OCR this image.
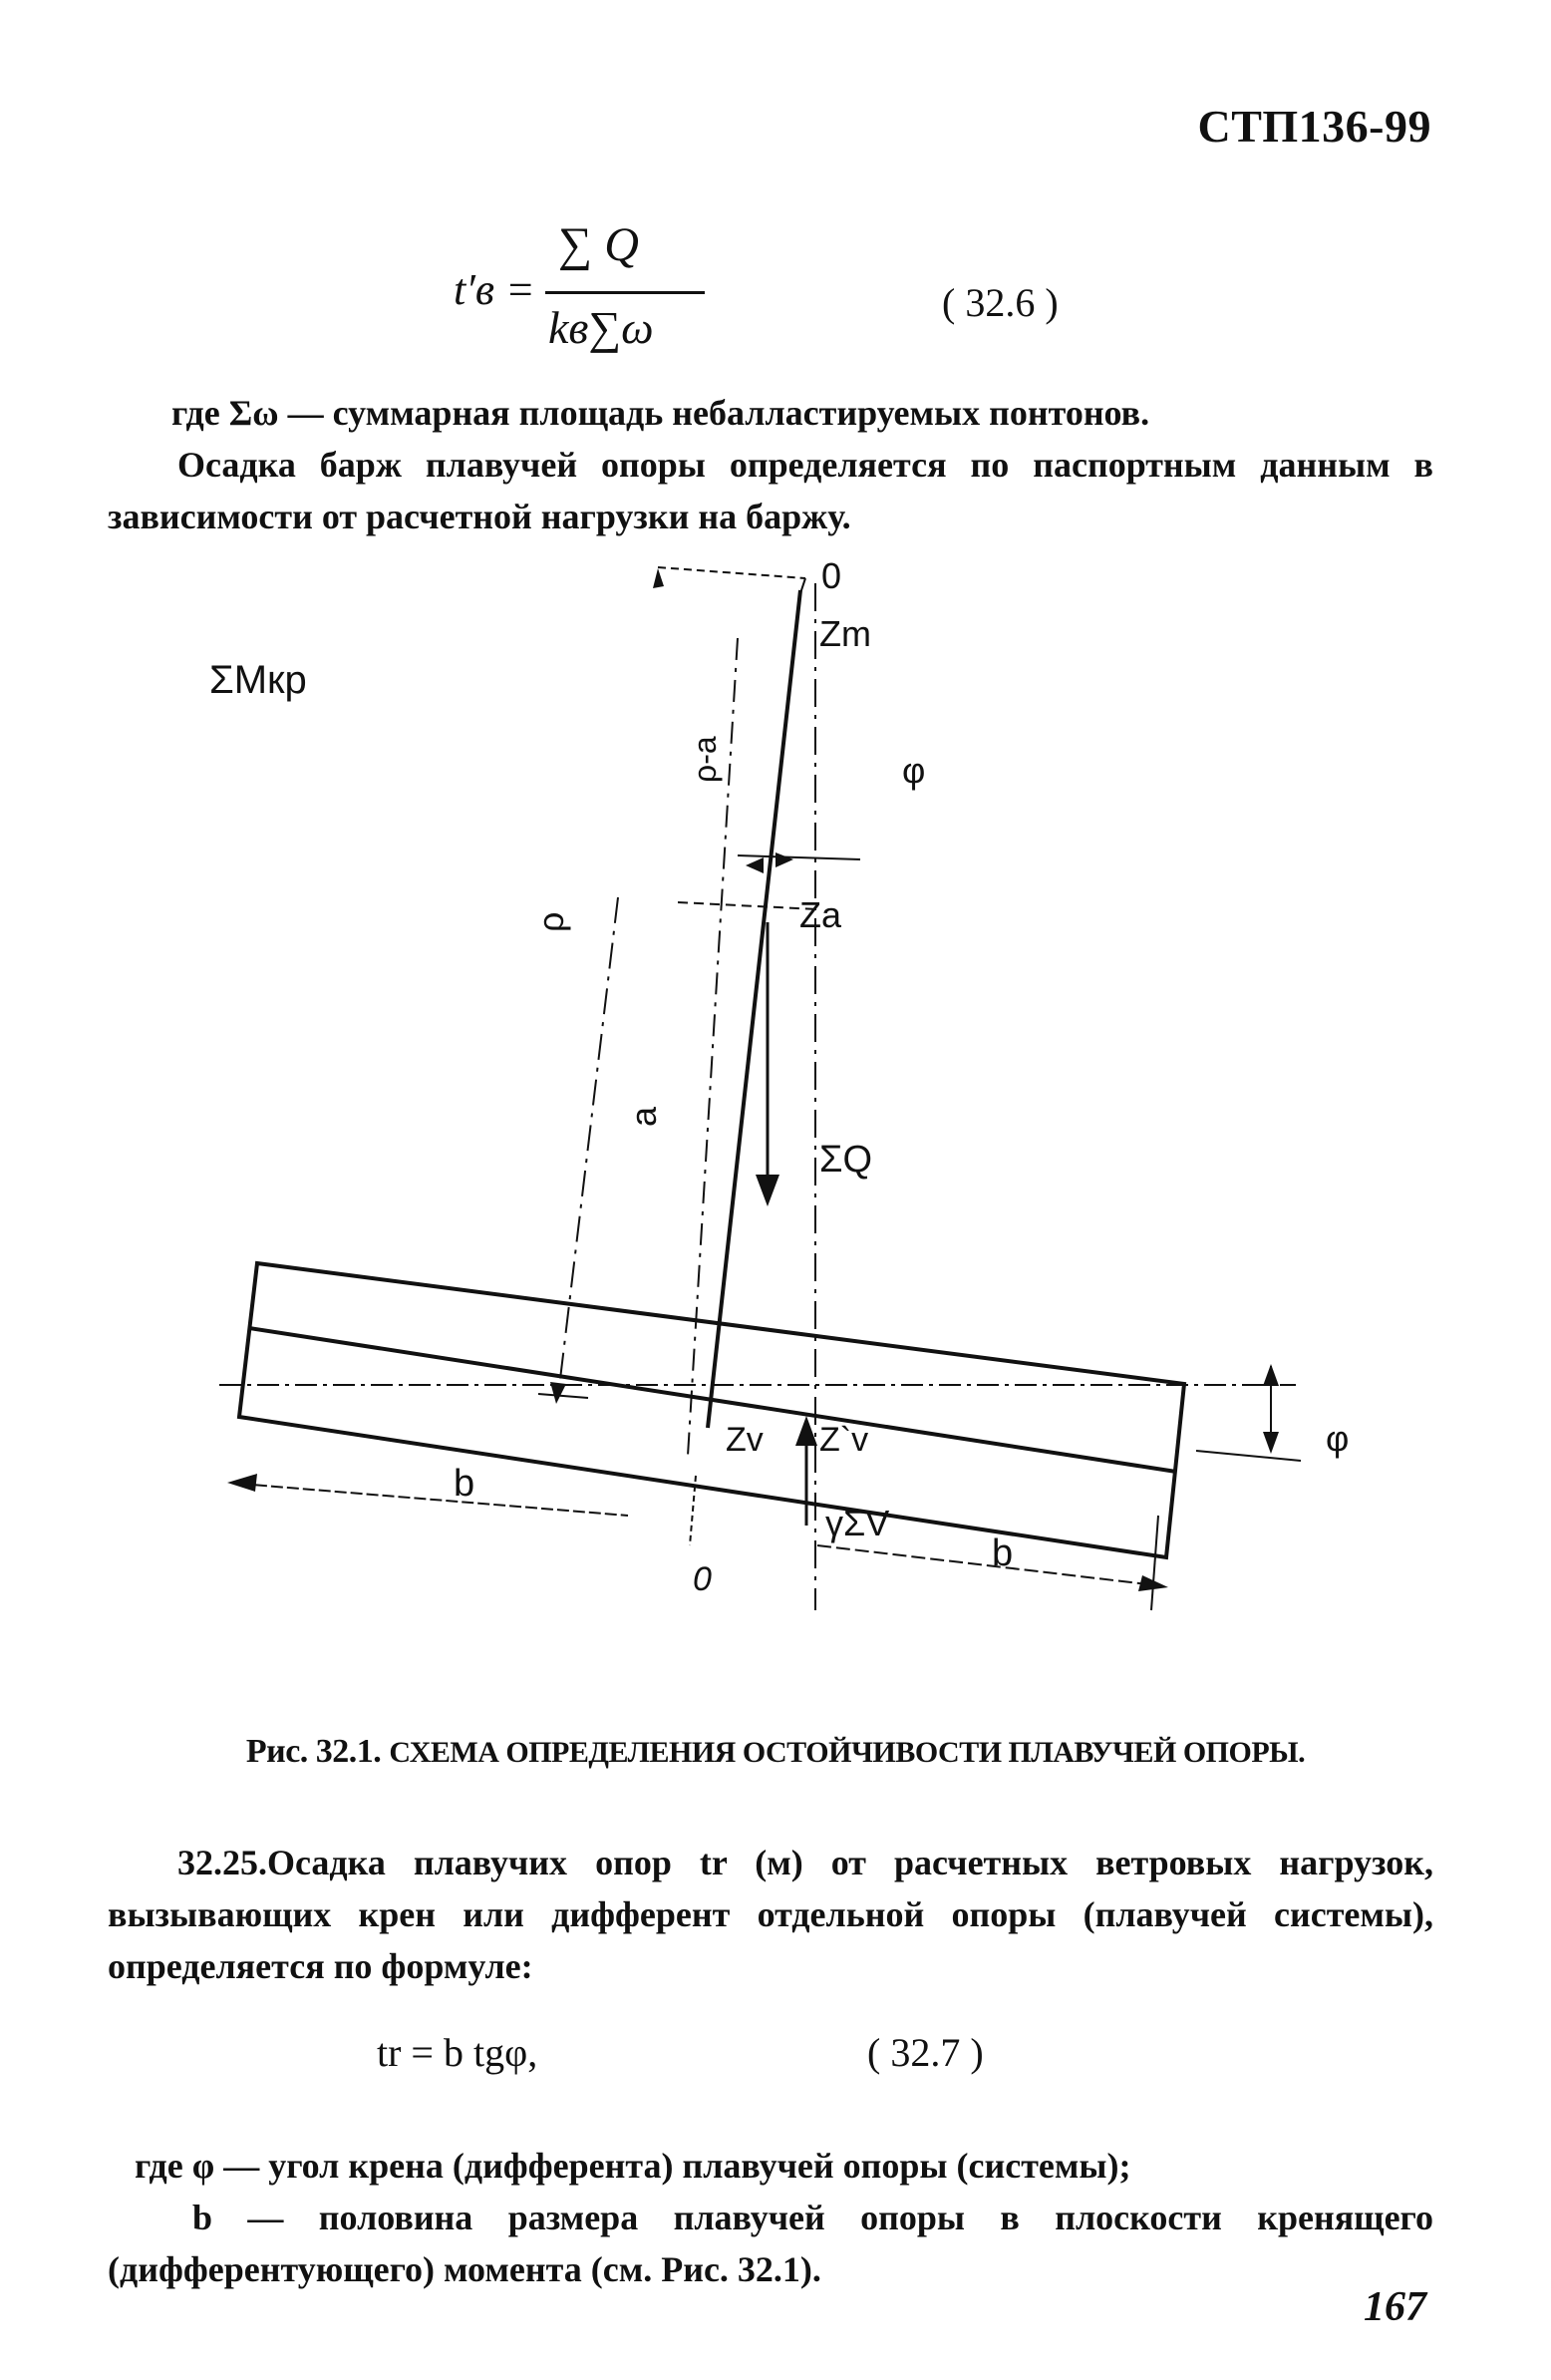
СТП136-99
t′в =
∑ Q
kв∑ω	( 32.6 )
где Σω — суммарная площадь небалластируемых понтонов.
Осадка барж плавучей опоры определяется по паспортным данным в зависимости от расчетной нагрузки на баржу.
ΣMкр
0
Zm
φ
ρ-a
ρ	Za
a
ΣQ
Zv Z`v	φ
b
γΣV
b
0
Рис. 32.1. СХЕМА ОПРЕДЕЛЕНИЯ ОСТОЙЧИВОСТИ ПЛАВУЧЕЙ ОПОРЫ.
32.25.Осадка плавучих опор tr (м) от расчетных ветровых нагрузок, вызывающих крен или дифферент отдельной опоры (плавучей системы), определяется по формуле:
tr = b tgφ,	( 32.7 )
где φ — угол крена (дифферента) плавучей опоры (системы);
b — половина размера плавучей опоры в плоскости кренящего (дифферентующего) момента (см. Рис. 32.1).
167
